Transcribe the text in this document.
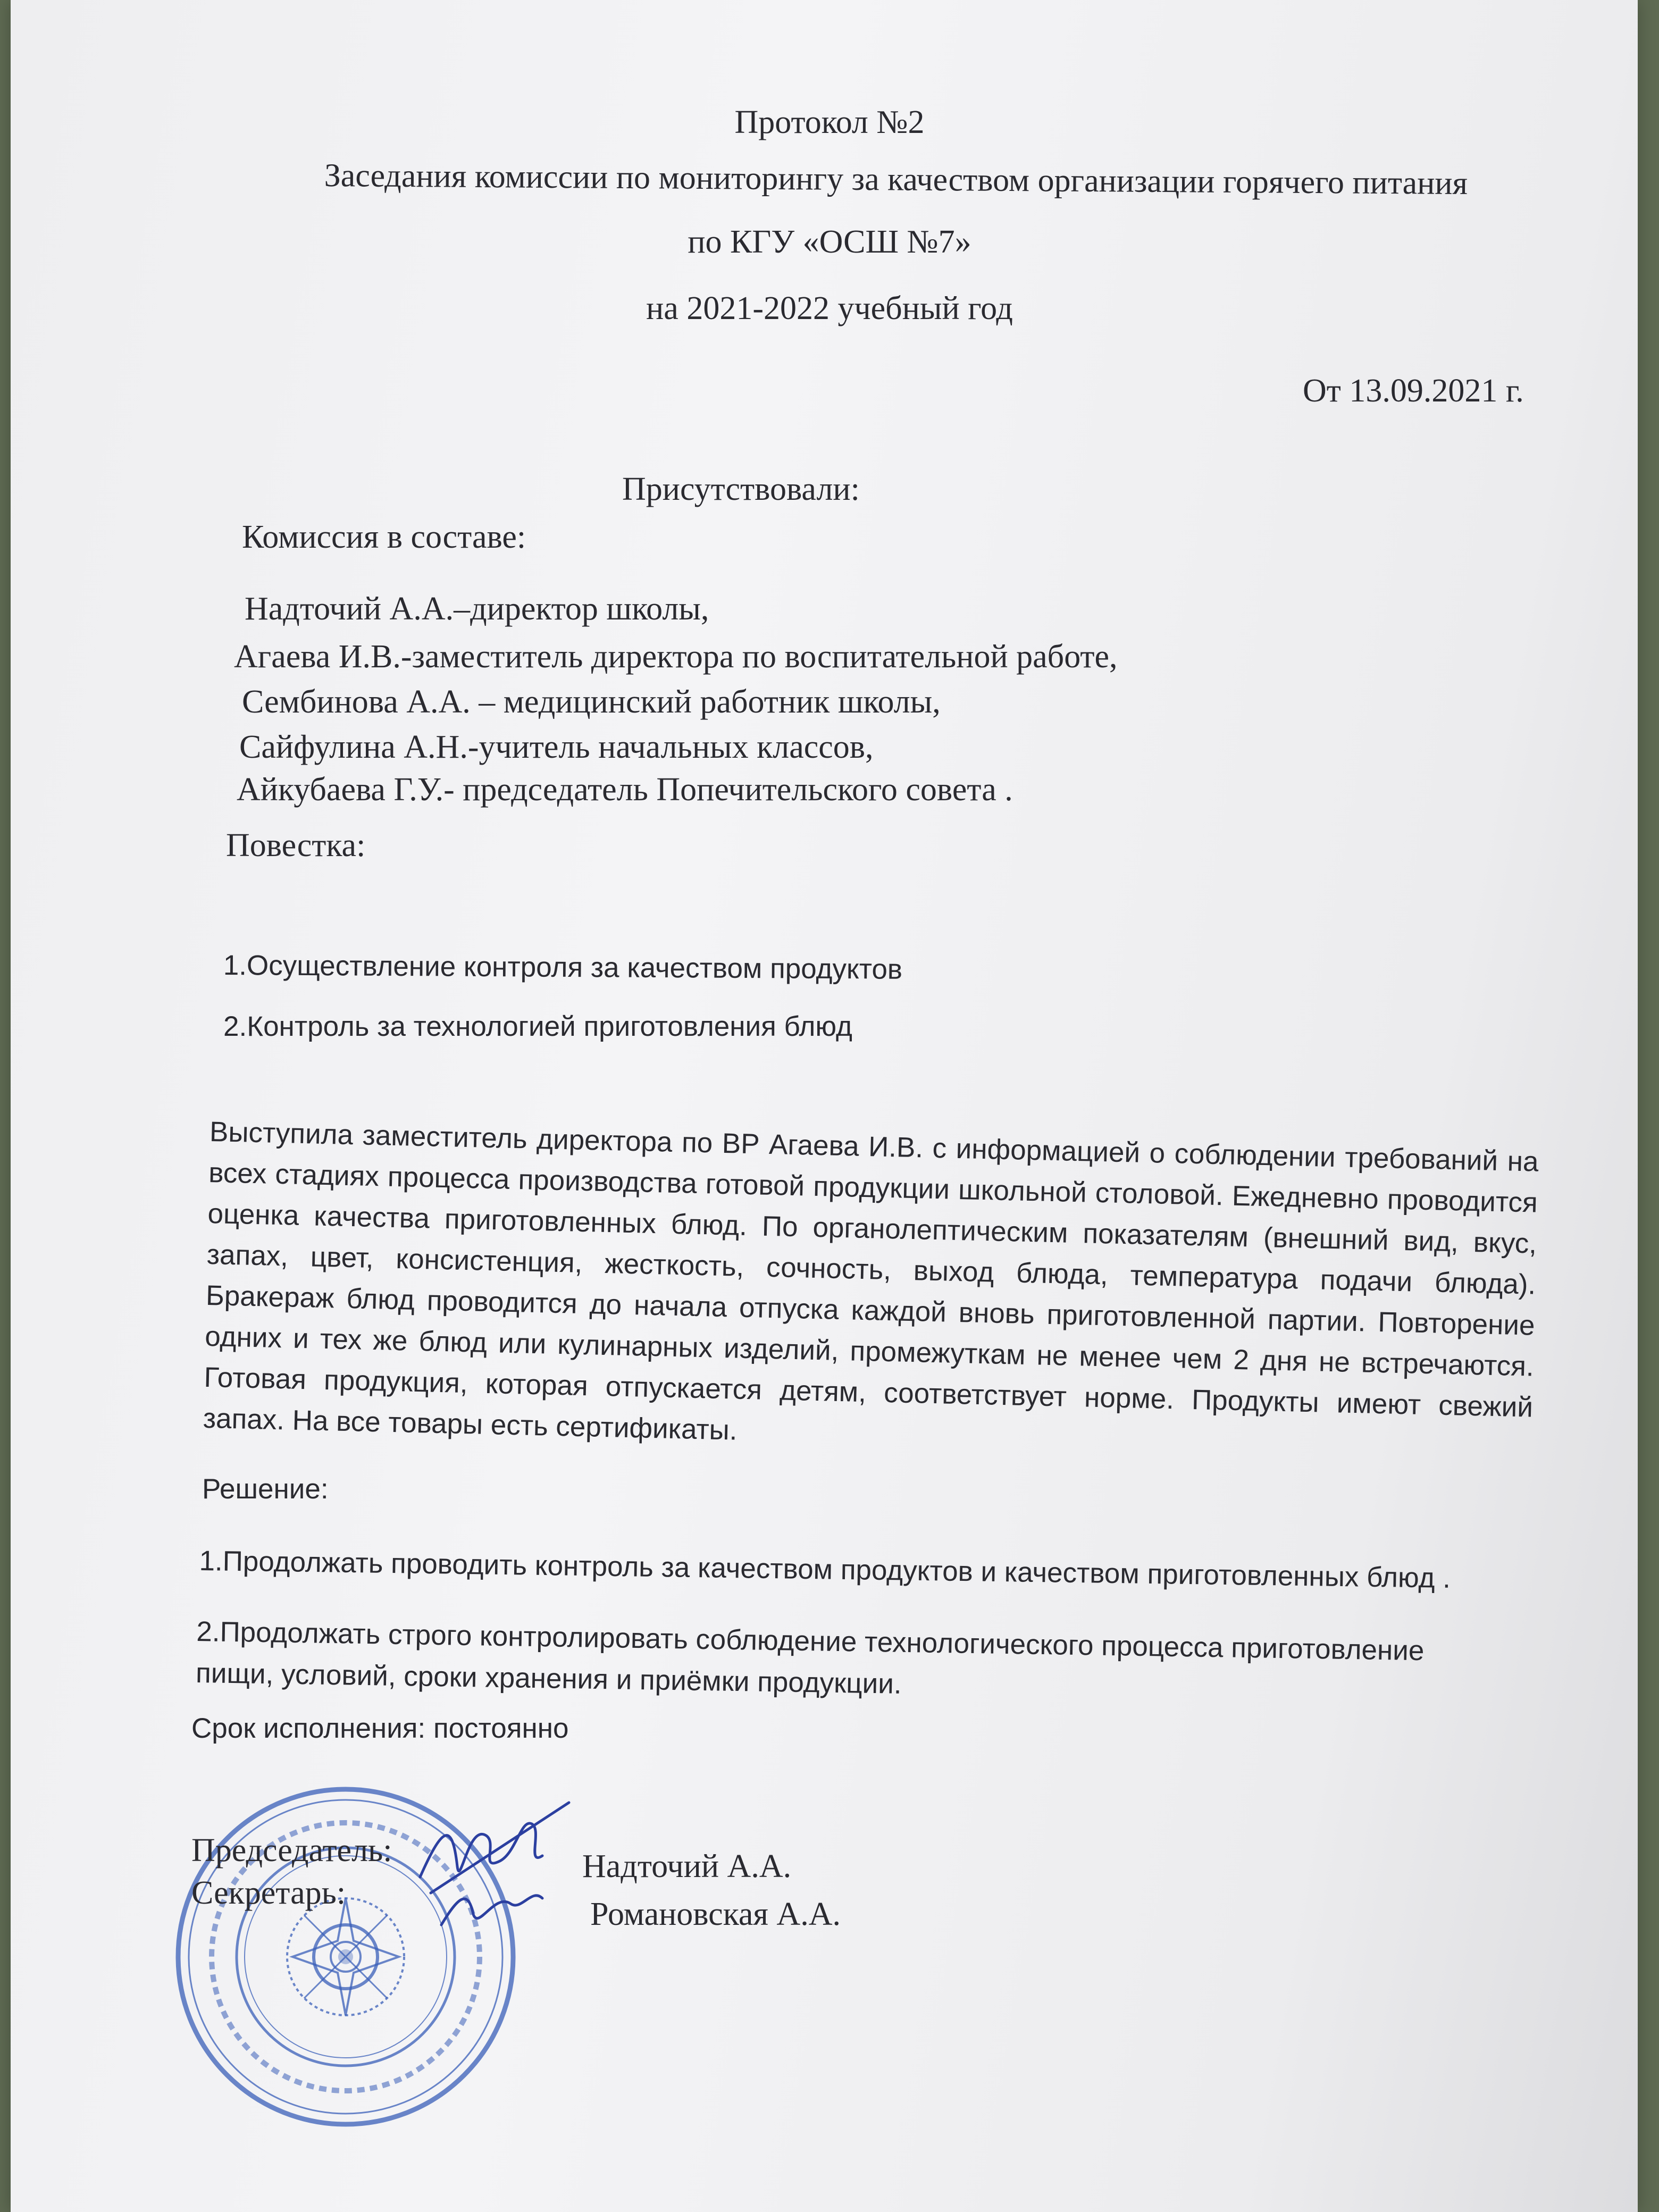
Протокол №2
Заседания комиссии по мониторингу за качеством организации горячего питания
по КГУ «ОСШ №7»
на 2021-2022 учебный год
От 13.09.2021 г.
Присутствовали:
Комиссия в составе:
Надточий А.А.–директор школы,
Агаева И.В.-заместитель директора по воспитательной работе,
Сембинова А.А. – медицинский работник школы,
Сайфулина А.Н.-учитель начальных классов,
Айкубаева Г.У.- председатель Попечительского совета .
Повестка:
1.Осуществление контроля за качеством продуктов
2.Контроль за технологией приготовления блюд
Выступила заместитель директора по ВР Агаева И.В. с информацией о соблюдении требований на всех стадиях процесса производства готовой продукции школьной столовой. Ежедневно проводится оценка качества приготовленных блюд. По органолептическим показателям (внешний вид, вкус, запах, цвет, консистенция, жесткость, сочность, выход блюда, температура подачи блюда). Бракераж блюд проводится до начала отпуска каждой вновь приготовленной партии. Повторение одних и тех же блюд или кулинарных изделий, промежуткам не менее чем 2 дня не встречаются. Готовая продукция, которая отпускается детям, соответствует норме. Продукты имеют свежий запах. На все товары есть сертификаты.
Решение:
1.Продолжать проводить контроль за качеством продуктов и качеством приготовленных блюд .
2.Продолжать строго контролировать соблюдение технологического процесса приготовление пищи, условий, сроки хранения и приёмки продукции.
Срок исполнения: постоянно
Председатель:	Надточий А.А.
Секретарь:
Романовская А.А.
